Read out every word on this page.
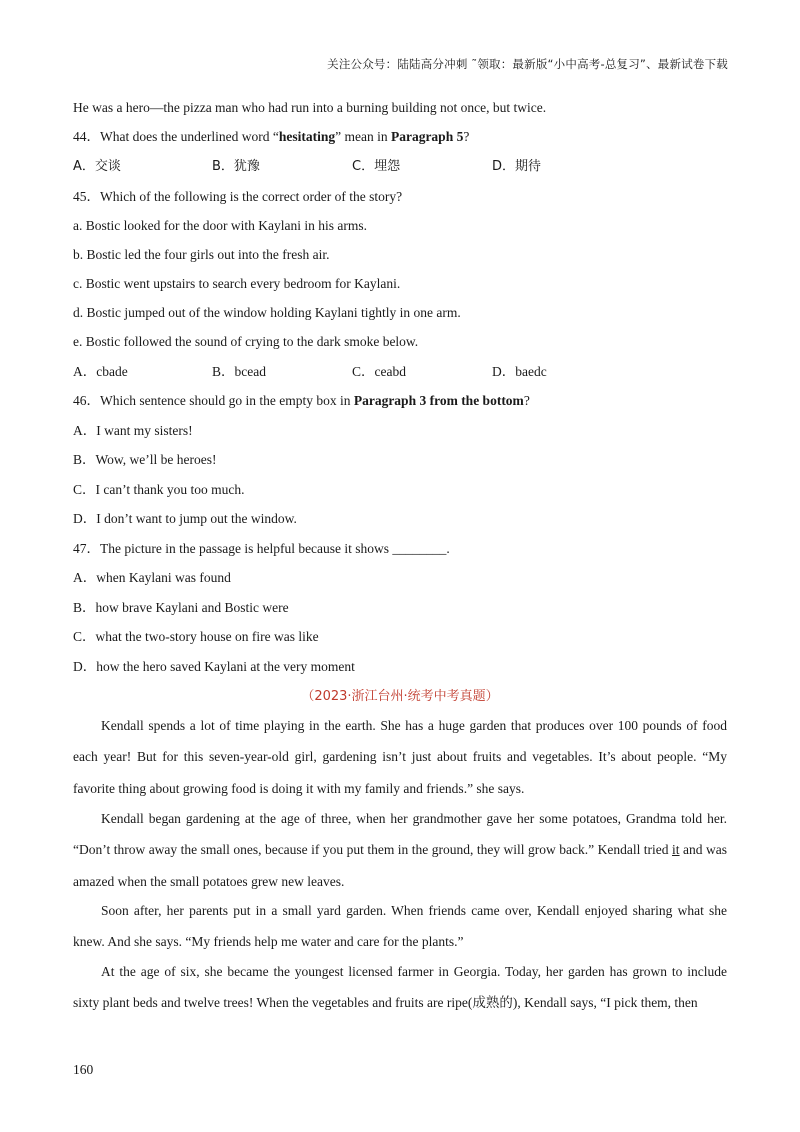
关注公众号：陆陆高分冲刺 ˜领取：最新版“小中高考-总复习”、最新试卷下载
He was a hero—the pizza man who had run into a burning building not once, but twice.
44．What does the underlined word “hesitating” mean in Paragraph 5?
A．交谈	B．犹豫	C．埋怨	D．期待
45．Which of the following is the correct order of the story?
a. Bostic looked for the door with Kaylani in his arms.
b. Bostic led the four girls out into the fresh air.
c. Bostic went upstairs to search every bedroom for Kaylani.
d. Bostic jumped out of the window holding Kaylani tightly in one arm.
e. Bostic followed the sound of crying to the dark smoke below.
A．cbade	B．bcead	C．ceabd	D．baedc
46．Which sentence should go in the empty box in Paragraph 3 from the bottom?
A．I want my sisters!
B．Wow, we’ll be heroes!
C．I can’t thank you too much.
D．I don’t want to jump out the window.
47．The picture in the passage is helpful because it shows ________.
A．when Kaylani was found
B．how brave Kaylani and Bostic were
C．what the two-story house on fire was like
D．how the hero saved Kaylani at the very moment
（2023·浙江台州·统考中考真题）
Kendall spends a lot of time playing in the earth. She has a huge garden that produces over 100 pounds of food each year! But for this seven-year-old girl, gardening isn’t just about fruits and vegetables. It’s about people. “My favorite thing about growing food is doing it with my family and friends.” she says.
Kendall began gardening at the age of three, when her grandmother gave her some potatoes, Grandma told her. “Don’t throw away the small ones, because if you put them in the ground, they will grow back.” Kendall tried it and was amazed when the small potatoes grew new leaves.
Soon after, her parents put in a small yard garden. When friends came over, Kendall enjoyed sharing what she knew. And she says. “My friends help me water and care for the plants.”
At the age of six, she became the youngest licensed farmer in Georgia. Today, her garden has grown to include sixty plant beds and twelve trees! When the vegetables and fruits are ripe(成熟的), Kendall says, “I pick them, then
160
